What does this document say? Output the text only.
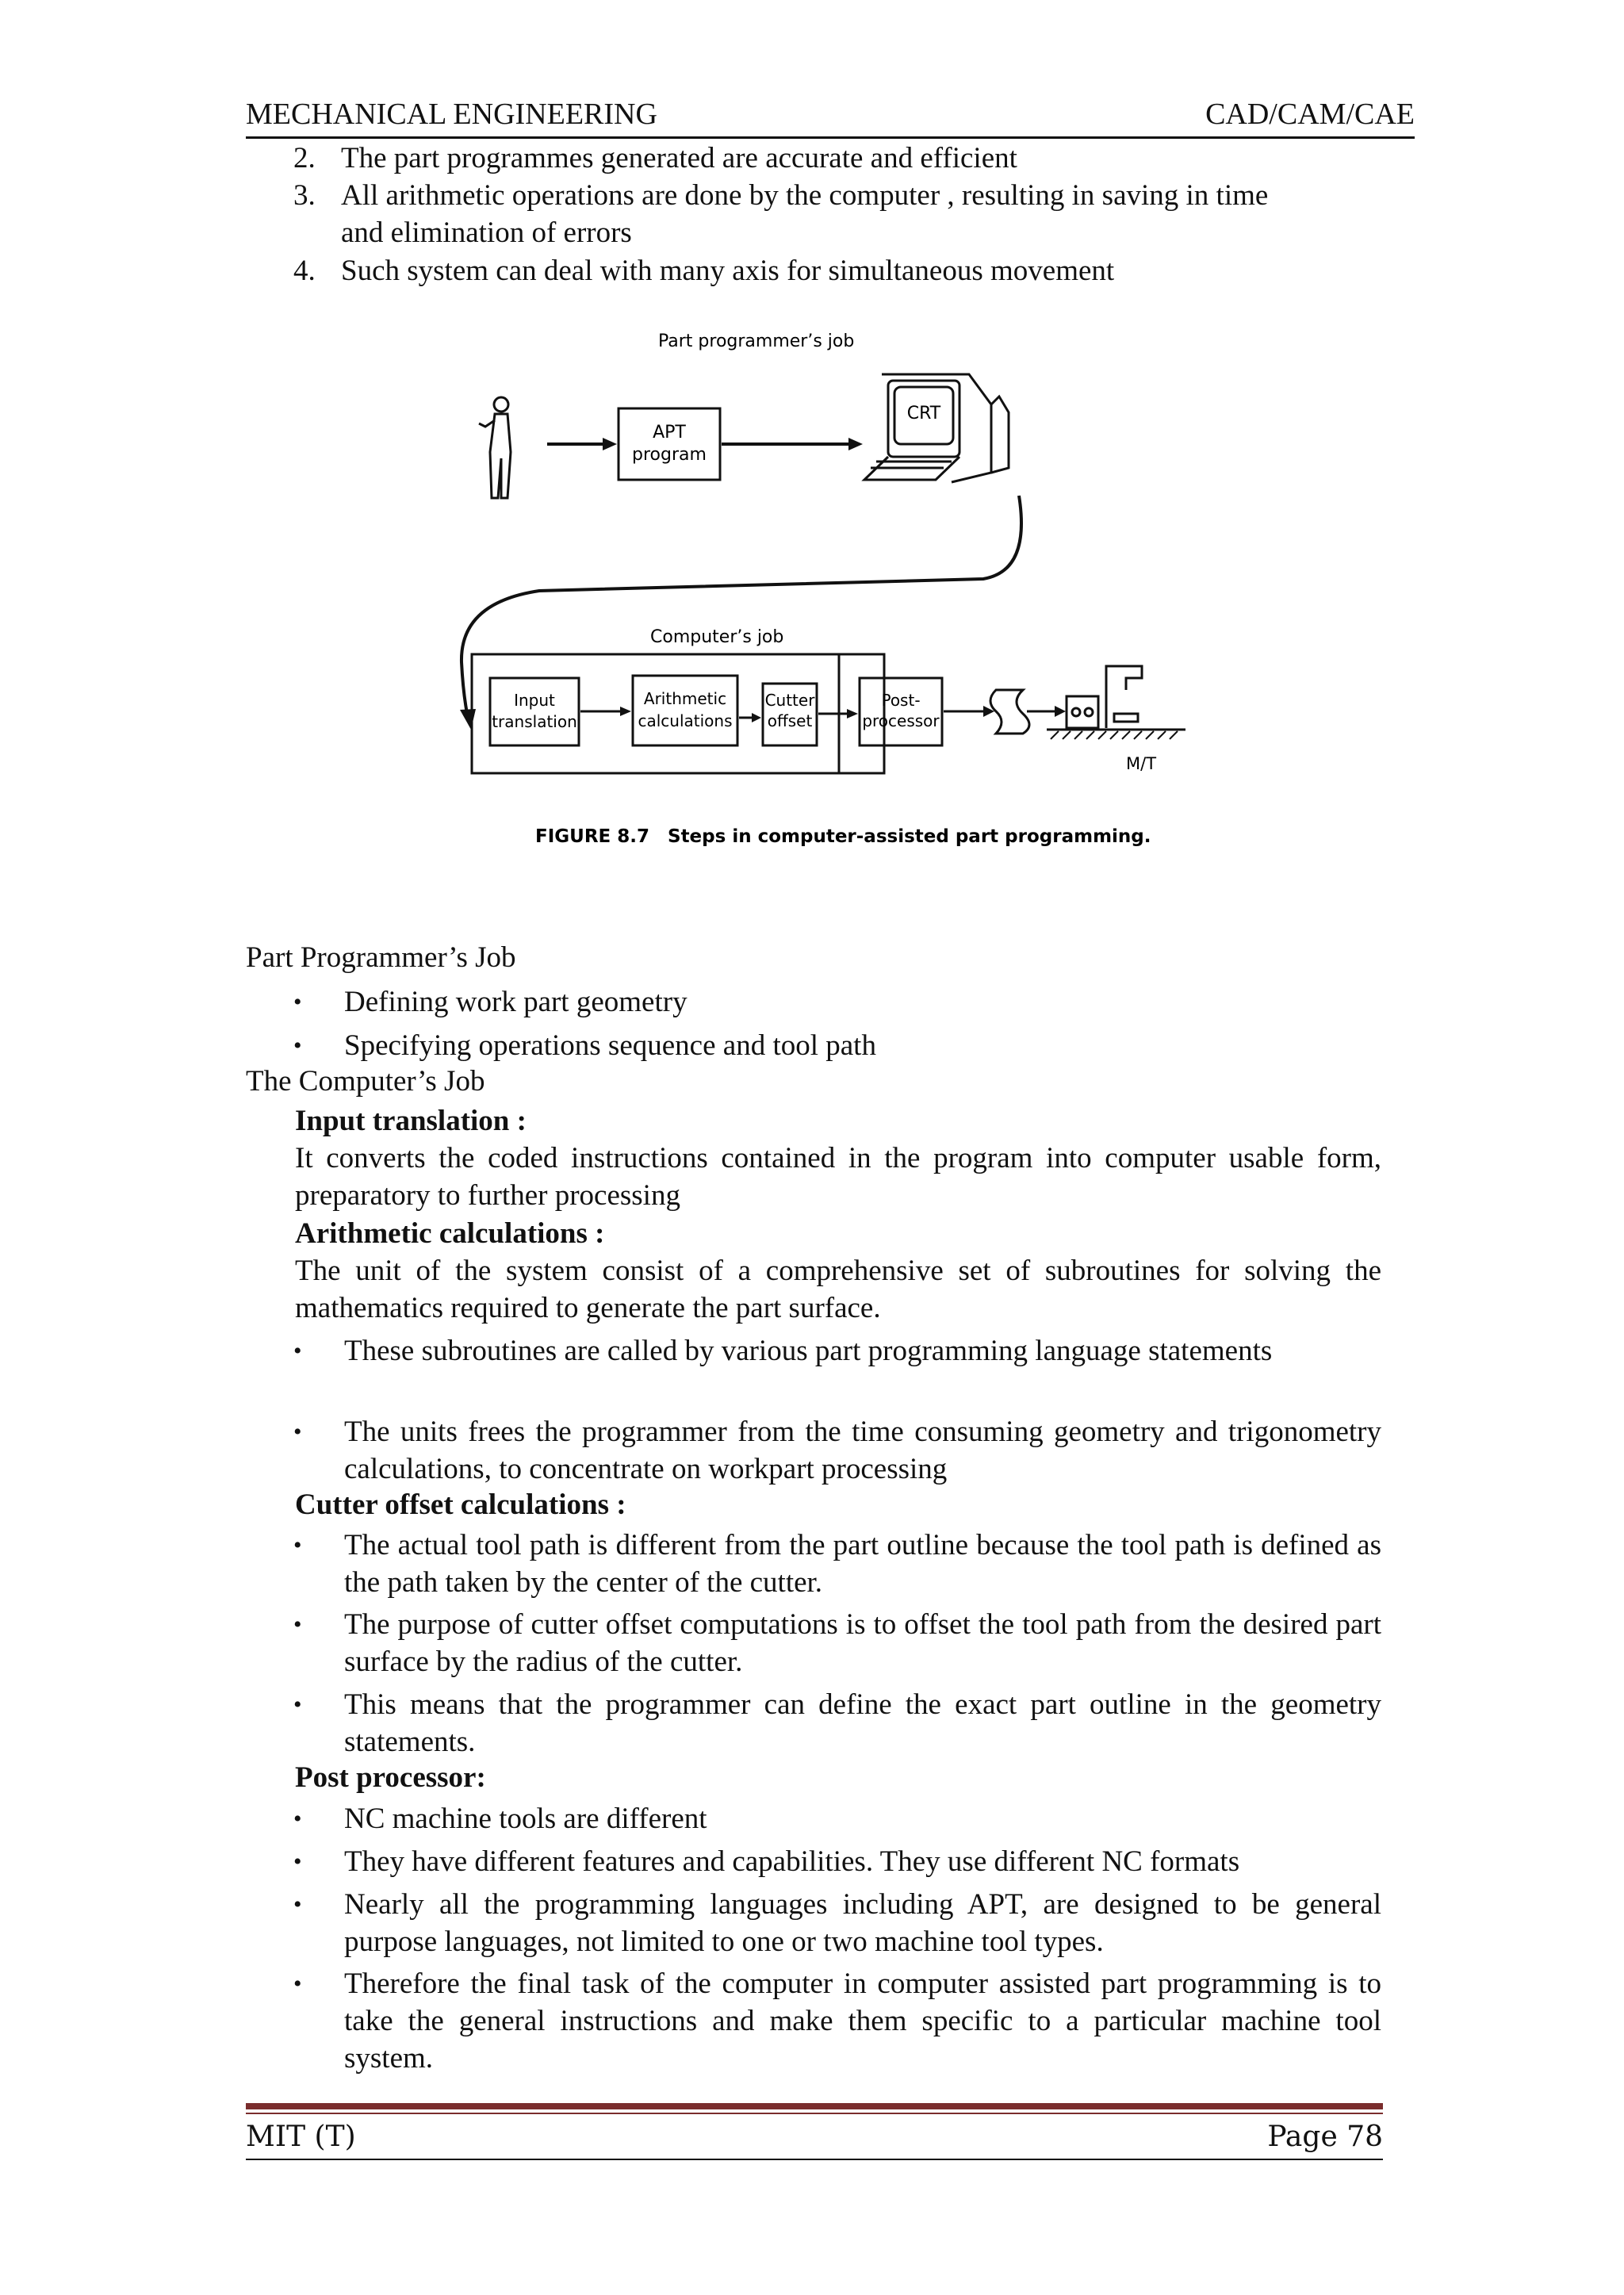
MECHANICAL ENGINEERING	CAD/CAM/CAE
2. The part programmes generated are accurate and efficient
3. All arithmetic operations are done by the computer , resulting in saving in time
and elimination of errors
4. Such system can deal with many axis for simultaneous movement
Part programmer’s job
APT
program
CRT
Computer’s job
Input
translation
Arithmetic
calculations
Cutter
offset
Post-
processor
M/T
FIGURE 8.7 Steps in computer-assisted part programming.
Part Programmer’s Job
• Defining work part geometry
• Specifying operations sequence and tool path
The Computer’s Job
Input translation :
It converts the coded instructions contained in the program into computer usable form, preparatory to further processing
Arithmetic calculations :
The unit of the system consist of a comprehensive set of subroutines for solving the mathematics required to generate the part surface.
• These subroutines are called by various part programming language statements
• The units frees the programmer from the time consuming geometry and trigonometry calculations, to concentrate on workpart processing
Cutter offset calculations :
• The actual tool path is different from the part outline because the tool path is defined as the path taken by the center of the cutter.
• The purpose of cutter offset computations is to offset the tool path from the desired part surface by the radius of the cutter.
• This means that the programmer can define the exact part outline in the geometry statements.
Post processor:
• NC machine tools are different
• They have different features and capabilities. They use different NC formats
• Nearly all the programming languages including APT, are designed to be general purpose languages, not limited to one or two machine tool types.
• Therefore the final task of the computer in computer assisted part programming is to take the general instructions and make them specific to a particular machine tool system.
MIT (T)	Page 78
